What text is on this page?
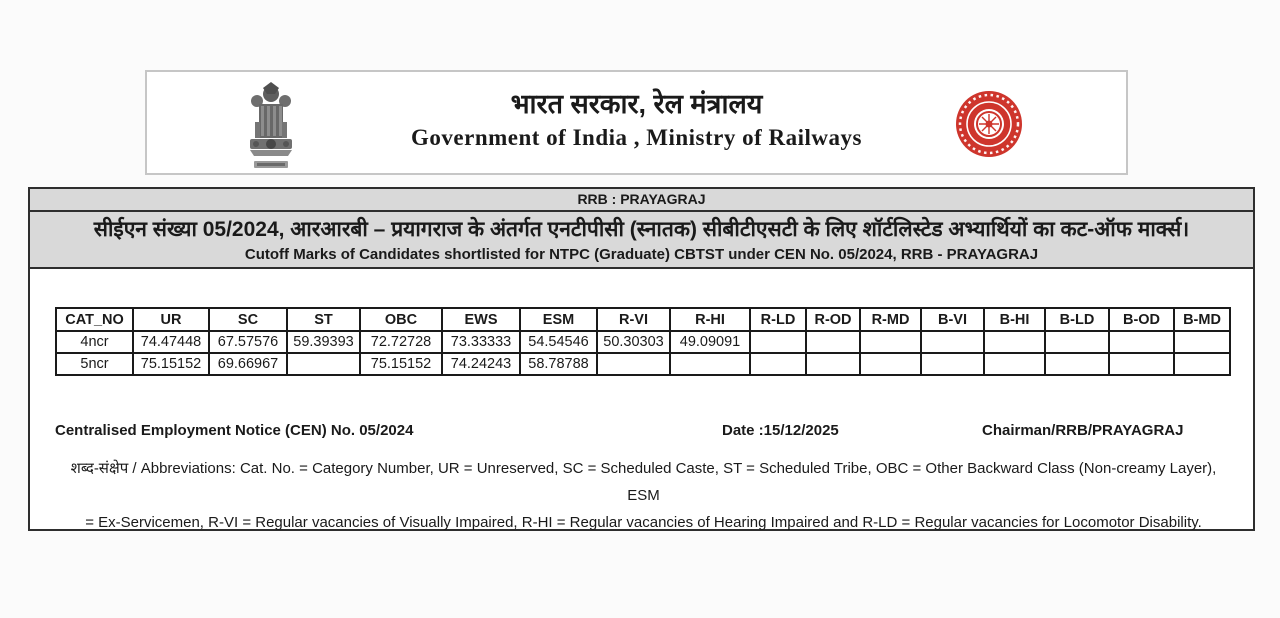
भारत सरकार, रेल मंत्रालय
Government of India , Ministry of Railways
RRB : PRAYAGRAJ
सीईएन संख्या 05/2024, आरआरबी – प्रयागराज के अंतर्गत एनटीपीसी (स्नातक) सीबीटीएसटी के लिए शॉर्टलिस्टेड अभ्यार्थियों का कट-ऑफ मार्क्स।
Cutoff Marks of Candidates shortlisted for NTPC (Graduate) CBTST under CEN No. 05/2024, RRB - PRAYAGRAJ
CAT_NO	UR	SC	ST	OBC	EWS	ESM	R-VI	R-HI	R-LD	R-OD	R-MD	B-VI	B-HI	B-LD	B-OD	B-MD
4ncr	74.47448	67.57576	59.39393	72.72728	73.33333	54.54546	50.30303	49.09091								
5ncr	75.15152	69.66967		75.15152	74.24243	58.78788										
Centralised Employment Notice (CEN) No. 05/2024	Date :15/12/2025	Chairman/RRB/PRAYAGRAJ
शब्द-संक्षेप / Abbreviations: Cat. No. = Category Number, UR = Unreserved, SC = Scheduled Caste, ST = Scheduled Tribe, OBC = Other Backward Class (Non-creamy Layer), ESM
= Ex-Servicemen, R-VI = Regular vacancies of Visually Impaired, R-HI = Regular vacancies of Hearing Impaired and R-LD = Regular vacancies for Locomotor Disability.
